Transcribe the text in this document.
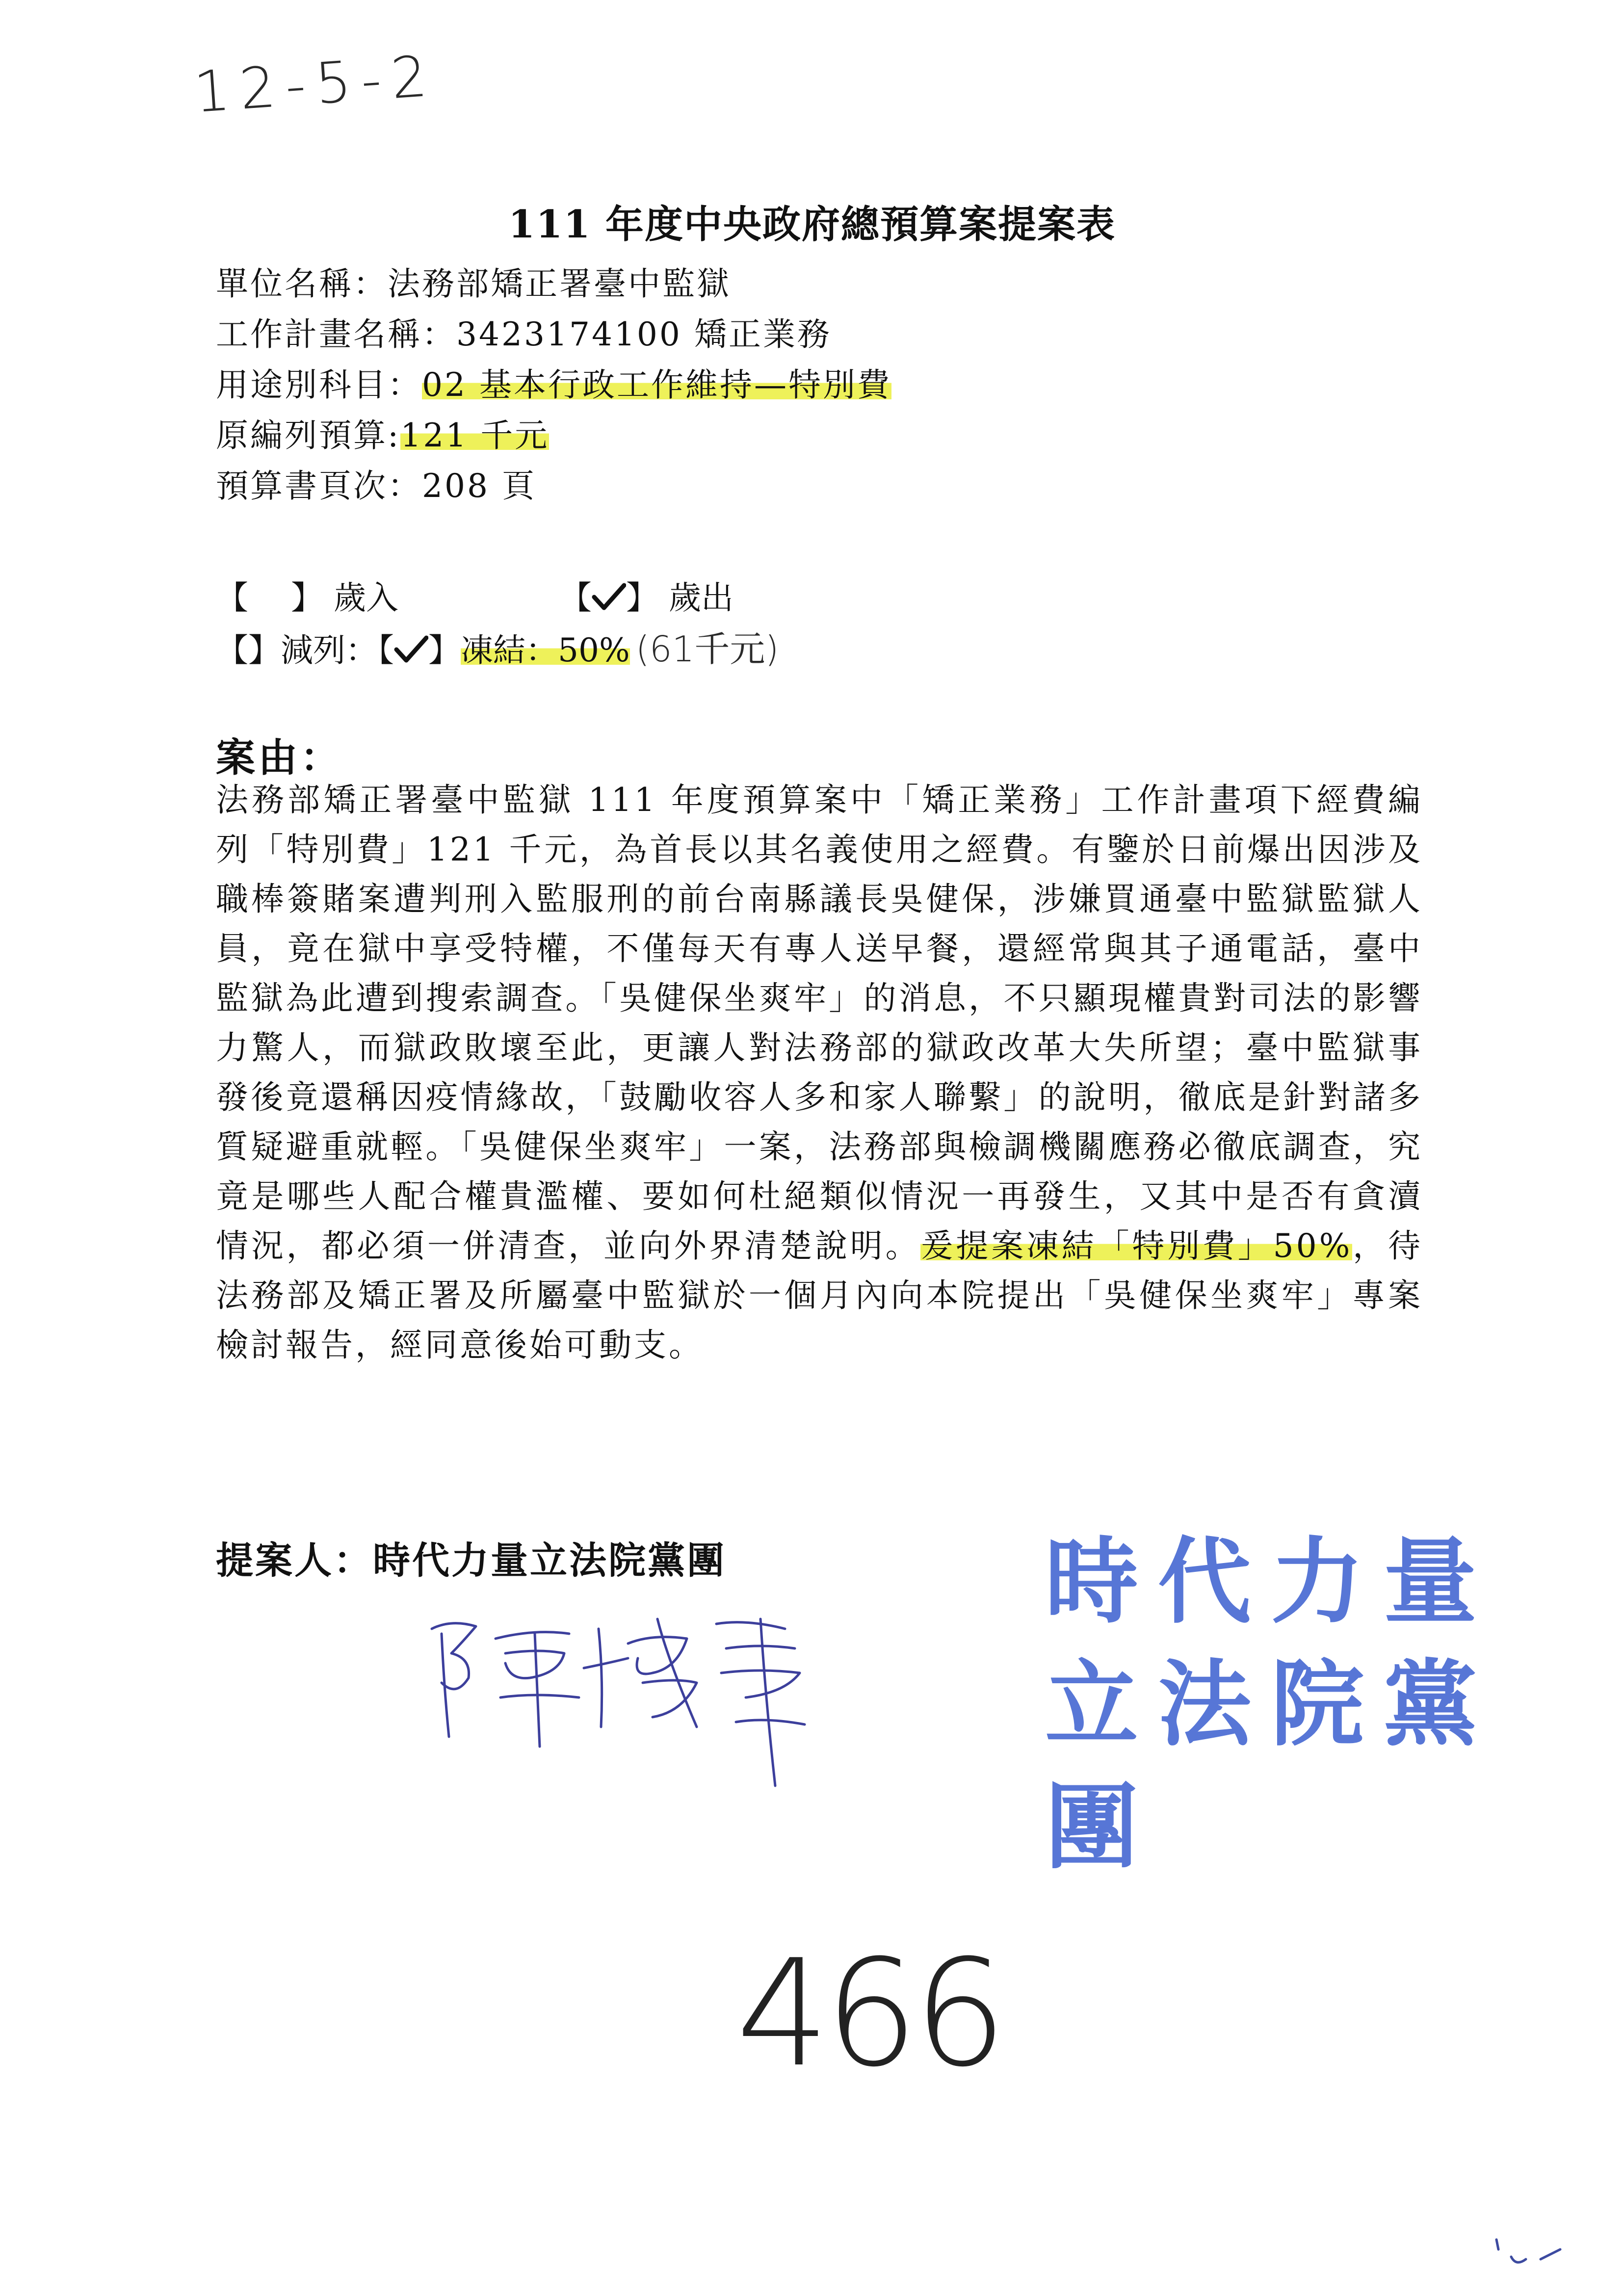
12-5-2
111 年度中央政府總預算案提案表
單位名稱：法務部矯正署臺中監獄
工作計畫名稱：3423174100 矯正業務
用途別科目：02 基本行政工作維持—特別費
原編列預算:121 千元
預算書頁次：208 頁
【　 】 歲入	【 】 歲出
【】減列：【 】凍結：50% (61千元)
案由：
法務部矯正署臺中監獄 111 年度預算案中「矯正業務」工作計畫項下經費編列「特別費」121 千元，為首長以其名義使用之經費。有鑒於日前爆出因涉及職棒簽賭案遭判刑入監服刑的前台南縣議長吳健保，涉嫌買通臺中監獄監獄人員，竟在獄中享受特權，不僅每天有專人送早餐，還經常與其子通電話，臺中監獄為此遭到搜索調查。「吳健保坐爽牢」的消息，不只顯現權貴對司法的影響力驚人，而獄政敗壞至此，更讓人對法務部的獄政改革大失所望；臺中監獄事發後竟還稱因疫情緣故，「鼓勵收容人多和家人聯繫」的說明，徹底是針對諸多質疑避重就輕。「吳健保坐爽牢」一案，法務部與檢調機關應務必徹底調查，究竟是哪些人配合權貴濫權、要如何杜絕類似情況一再發生，又其中是否有貪瀆情況，都必須一併清查，並向外界清楚說明。爰提案凍結「特別費」50%，待法務部及矯正署及所屬臺中監獄於一個月內向本院提出「吳健保坐爽牢」專案檢討報告，經同意後始可動支。
提案人：時代力量立法院黨團	時代力量
立法院黨團
466
